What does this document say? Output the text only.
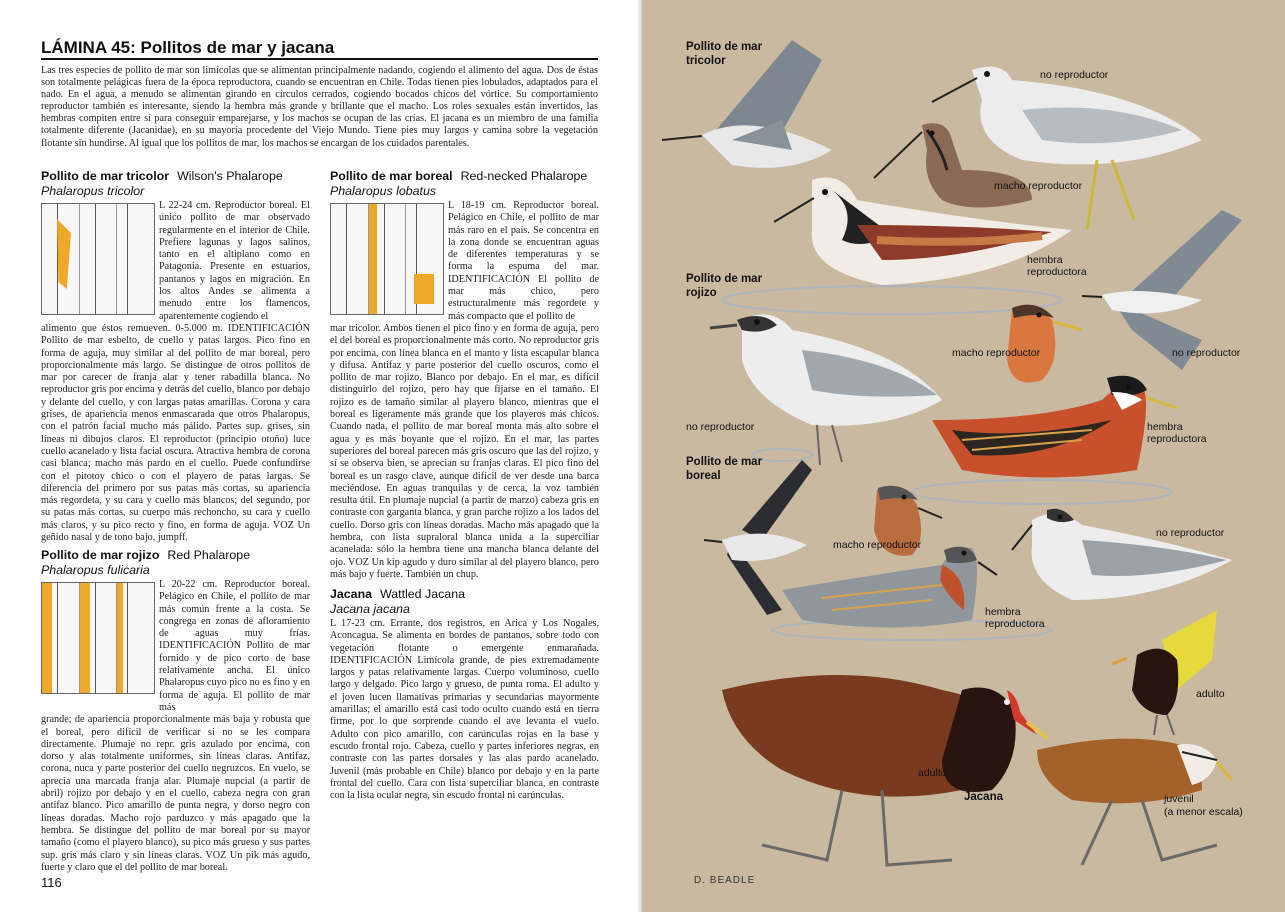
LÁMINA 45: Pollitos de mar y jacana
Las tres especies de pollito de mar son limícolas que se alimentan principalmente nadando, cogiendo el alimento del agua. Dos de éstas son totalmente pelágicas fuera de la época reproductora, cuando se encuentran en Chile. Todas tienen pies lobulados, adaptados para el nado. En el agua, a menudo se alimentan girando en círculos cerrados, cogiendo bocados chicos del vórtice. Su comportamiento reproductor también es interesante, siendo la hembra más grande y brillante que el macho. Los roles sexuales están invertidos, las hembras compiten entre sí para conseguir emparejarse, y los machos se ocupan de las crías. El jacana es un miembro de una familia totalmente diferente (Jacanidae), en su mayoría procedente del Viejo Mundo. Tiene pies muy largos y camina sobre la vegetación flotante sin hundirse. Al igual que los pollitos de mar, los machos se encargan de los cuidados parentales.
Pollito de mar tricolor Wilson's Phalarope
Phalaropus tricolor
L 22-24 cm. Reproductor boreal. El único pollito de mar observado regularmente en el interior de Chile. Prefiere lagunas y lagos salinos, tanto en el altiplano como en Patagonia. Presente en estuarios, pantanos y lagos en migración. En los altos Andes se alimenta a menudo entre los flamencos, aparentemente cogiendo el
alimento que éstos remueven. 0-5.000 m. IDENTIFICACIÓN Pollito de mar esbelto, de cuello y patas largos. Pico fino en forma de aguja, muy similar al del pollito de mar boreal, pero proporcionalmente más largo. Se distingue de otros pollitos de mar por carecer de franja alar y tener rabadilla blanca. No reproductor gris por encima y detrás del cuello, blanco por debajo y delante del cuello, y con largas patas amarillas. Corona y cara grises, de apariencia menos enmascarada que otros Phalaropus, con el patrón facial mucho más pálido. Partes sup. grises, sin líneas ni dibujos claros. El reproductor (principio otoño) luce cuello acanelado y lista facial oscura. Atractiva hembra de corona casi blanca; macho más pardo en el cuello. Puede confundirse con el pitotoy chico o con el playero de patas largas. Se diferencia del primero por sus patas más cortas, su apariencia más regordeta, y su cara y cuello más blancos; del segundo, por su patas más cortas, su cuerpo más rechoncho, su cara y cuello más claros, y su pico recto y fino, en forma de aguja. VOZ Un geñido nasal y de tono bajo, jumpff.
Pollito de mar rojizo Red Phalarope
Phalaropus fulicaria
L 20-22 cm. Reproductor boreal. Pelágico en Chile, el pollito de mar más común frente a la costa. Se congrega en zonas de afloramiento de aguas muy frías. IDENTIFICACIÓN Pollito de mar fornido y de pico corto de base relativamente ancha. El único Phalaropus cuyo pico no es fino y en forma de aguja. El pollito de mar más
grande; de apariencia proporcionalmente más baja y robusta que el boreal, pero difícil de verificar si no se les compara directamente. Plumaje no repr. gris azulado por encima, con dorso y alas totalmente uniformes, sin líneas claras. Antifaz, corona, nuca y parte posterior del cuello negruzcos. En vuelo, se aprecia una marcada franja alar. Plumaje nupcial (a partir de abril) rojizo por debajo y en el cuello, cabeza negra con gran antifaz blanco. Pico amarillo de punta negra, y dorso negro con líneas doradas. Macho rojo parduzco y más apagado que la hembra. Se distingue del pollito de mar boreal por su mayor tamaño (como el playero blanco), su pico más grueso y sus partes sup. gris más claro y sin líneas claras. VOZ Un pik más agudo, fuerte y claro que el del pollito de mar boreal.
Pollito de mar boreal Red-necked Phalarope
Phalaropus lobatus
L 18-19 cm. Reproductor boreal. Pelágico en Chile, el pollito de mar más raro en el país. Se concentra en la zona donde se encuentran aguas de diferentes temperaturas y se forma la espuma del mar. IDENTIFICACIÓN El pollito de mar más chico, pero estructuralmente más regordete y más compacto que el pollito de
mar tricolor. Ambos tienen el pico fino y en forma de aguja, pero el del boreal es proporcionalmente más corto. No reproductor gris por encima, con línea blanca en el manto y lista escapular blanca y difusa. Antifaz y parte posterior del cuello oscuros, como el pollito de mar rojizo. Blanco por debajo. En el mar, es difícil distinguirlo del rojizo, pero hay que fijarse en el tamaño. El rojizo es de tamaño similar al playero blanco, mientras que el boreal es ligeramente más grande que los playeros más chicos. Cuando nada, el pollito de mar boreal monta más alto sobre el agua y es más boyante que el rojizo. En el mar, las partes superiores del boreal parecen más gris oscuro que las del rojizo, y sí se observa bien, se aprecian su franjas claras. El pico fino del boreal es un rasgo clave, aunque difícil de ver desde una barca meciéndose. En aguas tranquilas y de cerca, la voz también resulta útil. En plumaje nupcial (a partir de marzo) cabeza gris en contraste con garganta blanca, y gran parche rojizo a los lados del cuello. Dorso gris con líneas doradas. Macho más apagado que la hembra, con lista supraloral blanca unida a la superciliar acanelada: sólo la hembra tiene una mancha blanca delante del ojo. VOZ Un kip agudo y duro similar al del playero blanco, pero más bajo y fuerte. También un chup.
Jacana Wattled Jacana
Jacana jacana
L 17-23 cm. Errante, dos registros, en Arica y Los Nogales, Aconcagua. Se alimenta en bordes de pantanos, sobre todo con vegetación flotante o emergente enmarañada. IDENTIFICACIÓN Limícola grande, de pies extremadamente largos y patas relativamente largas. Cuerpo voluminoso, cuello largo y delgado. Pico largo y grueso, de punta roma. El adulto y el joven lucen llamativas primarias y secundarias mayormente amarillas; el amarillo está casi todo oculto cuando está en tierra firme, por lo que sorprende cuando el ave levanta el vuelo. Adulto con pico amarillo, con carúnculas rojas en la base y escudo frontal rojo. Cabeza, cuello y partes inferiores negras, en contraste con las partes dorsales y las alas pardo acanelado. Juvenil (más probable en Chile) blanco por debajo y en la parte frontal del cuello. Cara con lista superciliar blanca, en contraste con la lista ocular negra, sin escudo frontal ni carúnculas.
116
Pollito de mar tricolor
no reproductor
macho reproductor
hembra reproductora
Pollito de mar rojizo
macho reproductor	no reproductor
no reproductor	hembra reproductora
Pollito de mar boreal
macho reproductor
no reproductor
hembra reproductora
adulto
adulto
Jacana	juvenil
(a menor escala)
D. BEADLE
